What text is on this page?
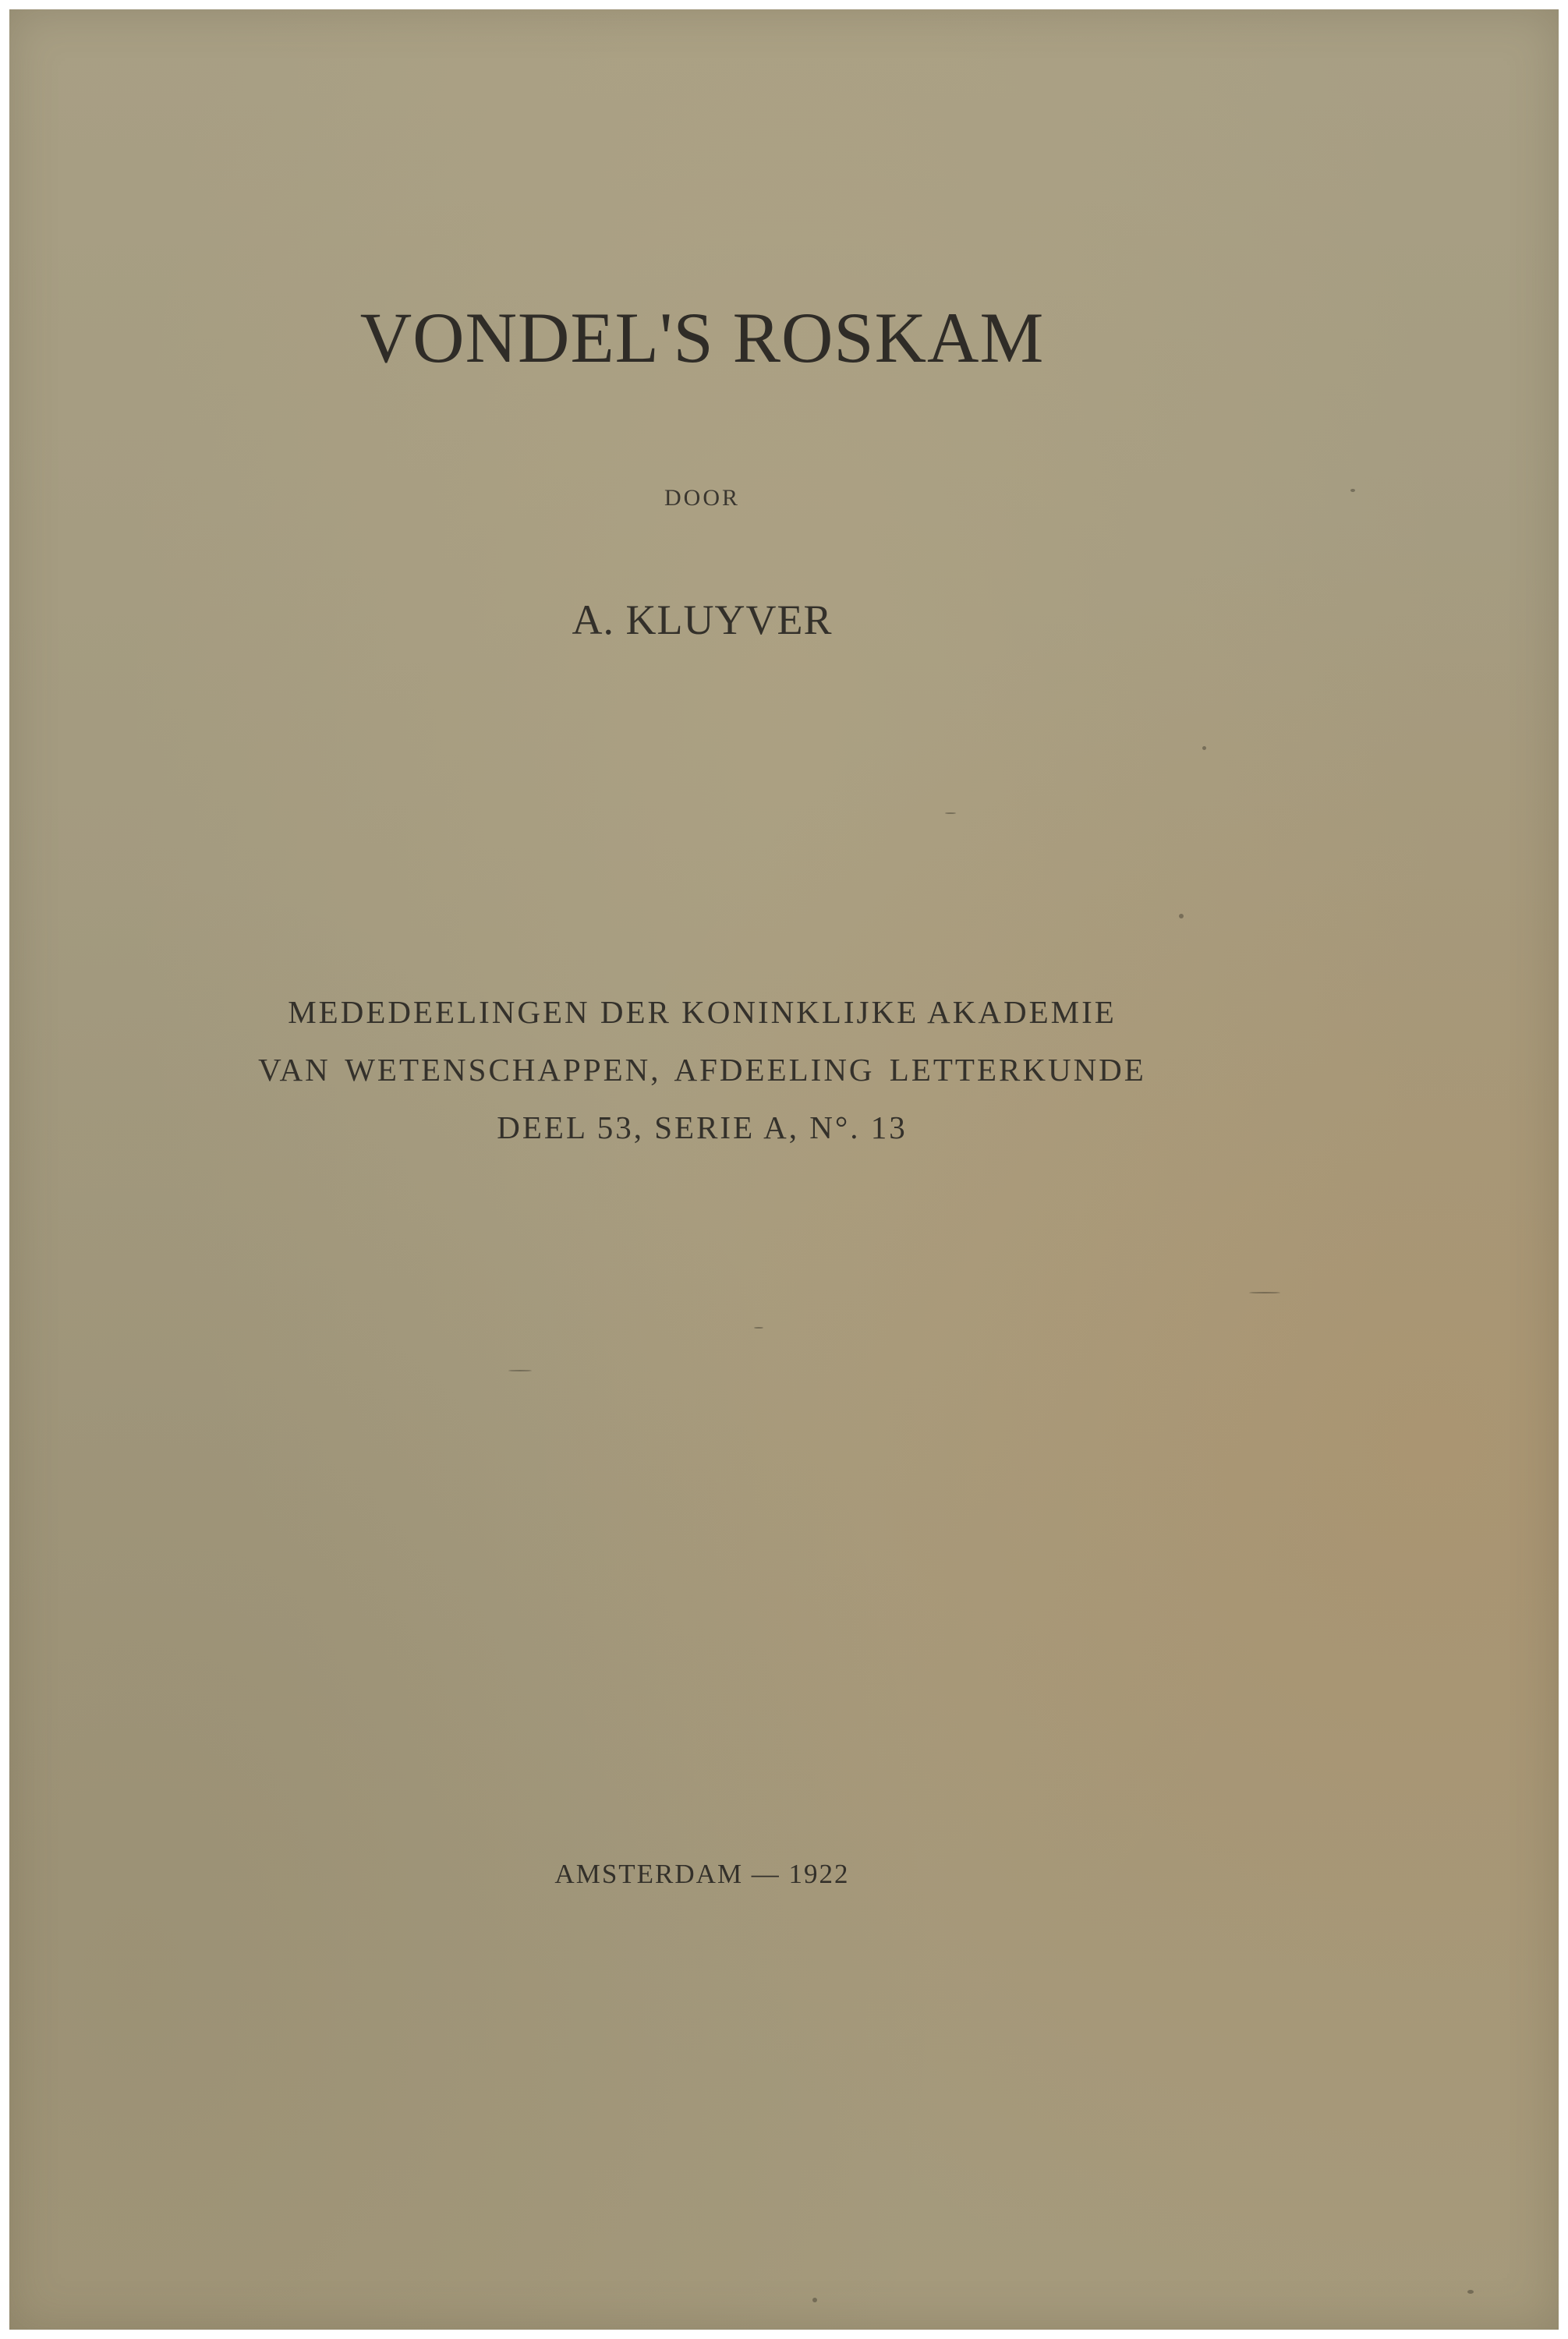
VONDEL'S ROSKAM
DOOR
A. KLUYVER
MEDEDEELINGEN DER KONINKLIJKE AKADEMIE
VAN WETENSCHAPPEN, AFDEELING LETTERKUNDE
DEEL 53, SERIE A, N°. 13
AMSTERDAM — 1922
